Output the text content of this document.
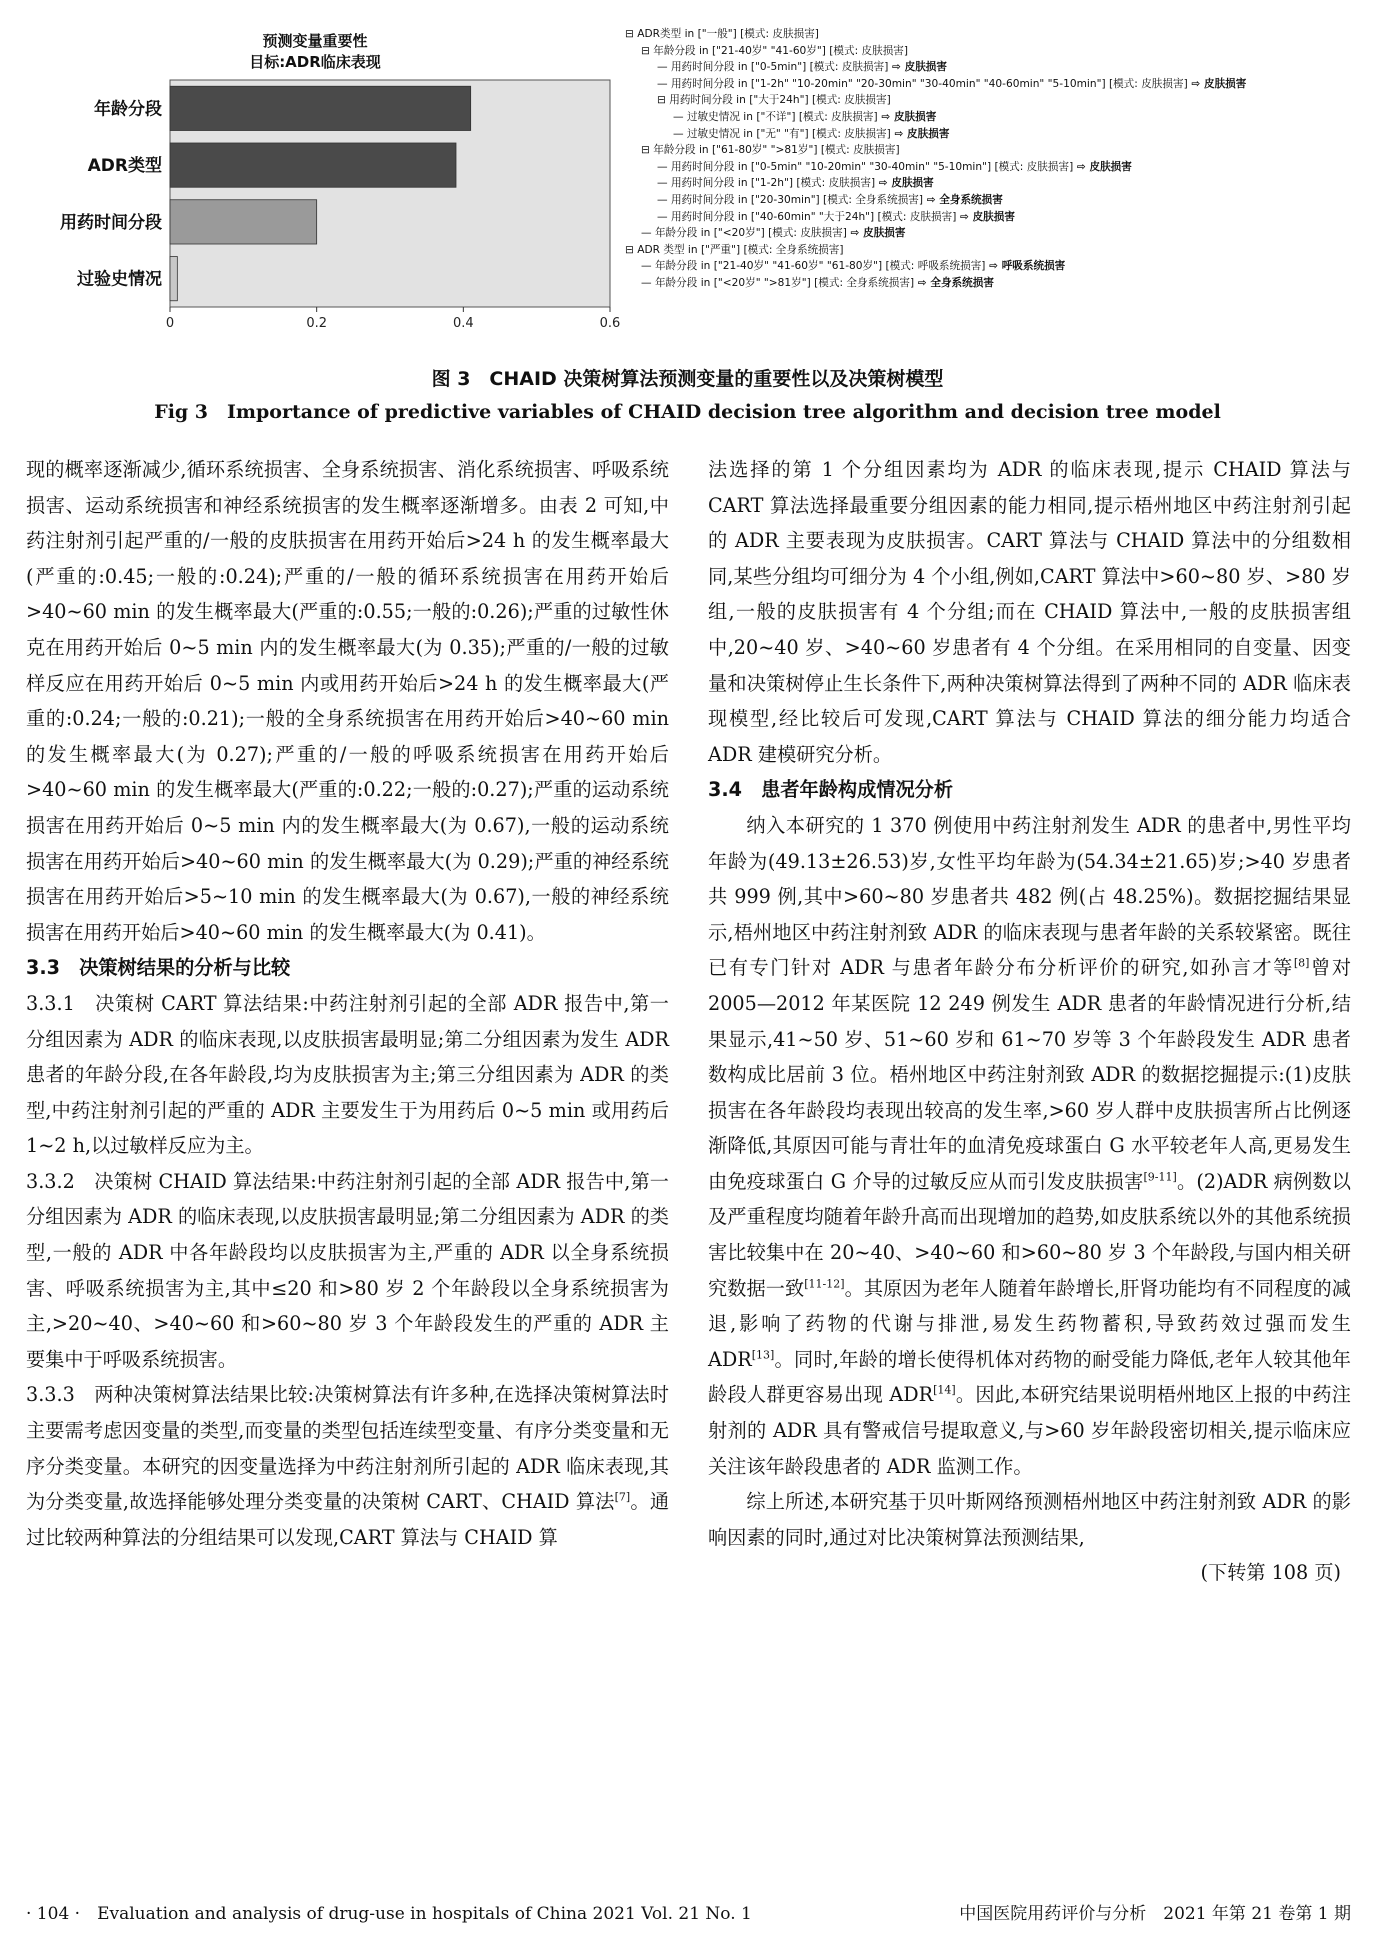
预测变量重要性
目标:ADR临床表现
年龄分段
ADR类型
用药时间分段
过验史情况
0	0.2	0.4	0.6
⊟ ADR类型 in ["一般"] [模式: 皮肤损害]
⊟ 年龄分段 in ["21-40岁" "41-60岁"] [模式: 皮肤损害]
— 用药时间分段 in ["0-5min"] [模式: 皮肤损害] ⇨ 皮肤损害
— 用药时间分段 in ["1-2h" "10-20min" "20-30min" "30-40min" "40-60min" "5-10min"] [模式: 皮肤损害] ⇨ 皮肤损害
⊟ 用药时间分段 in ["大于24h"] [模式: 皮肤损害]
— 过敏史情况 in ["不详"] [模式: 皮肤损害] ⇨ 皮肤损害
— 过敏史情况 in ["无" "有"] [模式: 皮肤损害] ⇨ 皮肤损害
⊟ 年龄分段 in ["61-80岁" ">81岁"] [模式: 皮肤损害]
— 用药时间分段 in ["0-5min" "10-20min" "30-40min" "5-10min"] [模式: 皮肤损害] ⇨ 皮肤损害
— 用药时间分段 in ["1-2h"] [模式: 皮肤损害] ⇨ 皮肤损害
— 用药时间分段 in ["20-30min"] [模式: 全身系统损害] ⇨ 全身系统损害
— 用药时间分段 in ["40-60min" "大于24h"] [模式: 皮肤损害] ⇨ 皮肤损害
— 年龄分段 in ["<20岁"] [模式: 皮肤损害] ⇨ 皮肤损害
⊟ ADR 类型 in ["严重"] [模式: 全身系统损害]
— 年龄分段 in ["21-40岁" "41-60岁" "61-80岁"] [模式: 呼吸系统损害] ⇨ 呼吸系统损害
— 年龄分段 in ["<20岁" ">81岁"] [模式: 全身系统损害] ⇨ 全身系统损害
图 3　CHAID 决策树算法预测变量的重要性以及决策树模型
Fig 3　Importance of predictive variables of CHAID decision tree algorithm and decision tree model

现的概率逐渐减少,循环系统损害、全身系统损害、消化系统损害、呼吸系统损害、运动系统损害和神经系统损害的发生概率逐渐增多。由表 2 可知,中药注射剂引起严重的/一般的皮肤损害在用药开始后>24 h 的发生概率最大(严重的:0.45;一般的:0.24);严重的/一般的循环系统损害在用药开始后>40~60 min 的发生概率最大(严重的:0.55;一般的:0.26);严重的过敏性休克在用药开始后 0~5 min 内的发生概率最大(为 0.35);严重的/一般的过敏样反应在用药开始后 0~5 min 内或用药开始后>24 h 的发生概率最大(严重的:0.24;一般的:0.21);一般的全身系统损害在用药开始后>40~60 min 的发生概率最大(为 0.27);严重的/一般的呼吸系统损害在用药开始后>40~60 min 的发生概率最大(严重的:0.22;一般的:0.27);严重的运动系统损害在用药开始后 0~5 min 内的发生概率最大(为 0.67),一般的运动系统损害在用药开始后>40~60 min 的发生概率最大(为 0.29);严重的神经系统损害在用药开始后>5~10 min 的发生概率最大(为 0.67),一般的神经系统损害在用药开始后>40~60 min 的发生概率最大(为 0.41)。

3.3　决策树结果的分析与比较

3.3.1　决策树 CART 算法结果:中药注射剂引起的全部 ADR 报告中,第一分组因素为 ADR 的临床表现,以皮肤损害最明显;第二分组因素为发生 ADR 患者的年龄分段,在各年龄段,均为皮肤损害为主;第三分组因素为 ADR 的类型,中药注射剂引起的严重的 ADR 主要发生于为用药后 0~5 min 或用药后 1~2 h,以过敏样反应为主。

3.3.2　决策树 CHAID 算法结果:中药注射剂引起的全部 ADR 报告中,第一分组因素为 ADR 的临床表现,以皮肤损害最明显;第二分组因素为 ADR 的类型,一般的 ADR 中各年龄段均以皮肤损害为主,严重的 ADR 以全身系统损害、呼吸系统损害为主,其中≤20 和>80 岁 2 个年龄段以全身系统损害为主,>20~40、>40~60 和>60~80 岁 3 个年龄段发生的严重的 ADR 主要集中于呼吸系统损害。

3.3.3　两种决策树算法结果比较:决策树算法有许多种,在选择决策树算法时主要需考虑因变量的类型,而变量的类型包括连续型变量、有序分类变量和无序分类变量。本研究的因变量选择为中药注射剂所引起的 ADR 临床表现,其为分类变量,故选择能够处理分类变量的决策树 CART、CHAID 算法[7]。通过比较两种算法的分组结果可以发现,CART 算法与 CHAID 算

法选择的第 1 个分组因素均为 ADR 的临床表现,提示 CHAID 算法与 CART 算法选择最重要分组因素的能力相同,提示梧州地区中药注射剂引起的 ADR 主要表现为皮肤损害。CART 算法与 CHAID 算法中的分组数相同,某些分组均可细分为 4 个小组,例如,CART 算法中>60~80 岁、>80 岁组,一般的皮肤损害有 4 个分组;而在 CHAID 算法中,一般的皮肤损害组中,20~40 岁、>40~60 岁患者有 4 个分组。在采用相同的自变量、因变量和决策树停止生长条件下,两种决策树算法得到了两种不同的 ADR 临床表现模型,经比较后可发现,CART 算法与 CHAID 算法的细分能力均适合 ADR 建模研究分析。

3.4　患者年龄构成情况分析

纳入本研究的 1 370 例使用中药注射剂发生 ADR 的患者中,男性平均年龄为(49.13±26.53)岁,女性平均年龄为(54.34±21.65)岁;>40 岁患者共 999 例,其中>60~80 岁患者共 482 例(占 48.25%)。数据挖掘结果显示,梧州地区中药注射剂致 ADR 的临床表现与患者年龄的关系较紧密。既往已有专门针对 ADR 与患者年龄分布分析评价的研究,如孙言才等[8]曾对 2005—2012 年某医院 12 249 例发生 ADR 患者的年龄情况进行分析,结果显示,41~50 岁、51~60 岁和 61~70 岁等 3 个年龄段发生 ADR 患者数构成比居前 3 位。梧州地区中药注射剂致 ADR 的数据挖掘提示:(1)皮肤损害在各年龄段均表现出较高的发生率,>60 岁人群中皮肤损害所占比例逐渐降低,其原因可能与青壮年的血清免疫球蛋白 G 水平较老年人高,更易发生由免疫球蛋白 G 介导的过敏反应从而引发皮肤损害[9-11]。(2)ADR 病例数以及严重程度均随着年龄升高而出现增加的趋势,如皮肤系统以外的其他系统损害比较集中在 20~40、>40~60 和>60~80 岁 3 个年龄段,与国内相关研究数据一致[11-12]。其原因为老年人随着年龄增长,肝肾功能均有不同程度的减退,影响了药物的代谢与排泄,易发生药物蓄积,导致药效过强而发生 ADR[13]。同时,年龄的增长使得机体对药物的耐受能力降低,老年人较其他年龄段人群更容易出现 ADR[14]。因此,本研究结果说明梧州地区上报的中药注射剂的 ADR 具有警戒信号提取意义,与>60 岁年龄段密切相关,提示临床应关注该年龄段患者的 ADR 监测工作。

综上所述,本研究基于贝叶斯网络预测梧州地区中药注射剂致 ADR 的影响因素的同时,通过对比决策树算法预测结果,

(下转第 108 页)

· 104 ·　Evaluation and analysis of drug-use in hospitals of China 2021 Vol. 21 No. 1	中国医院用药评价与分析　2021 年第 21 卷第 1 期
